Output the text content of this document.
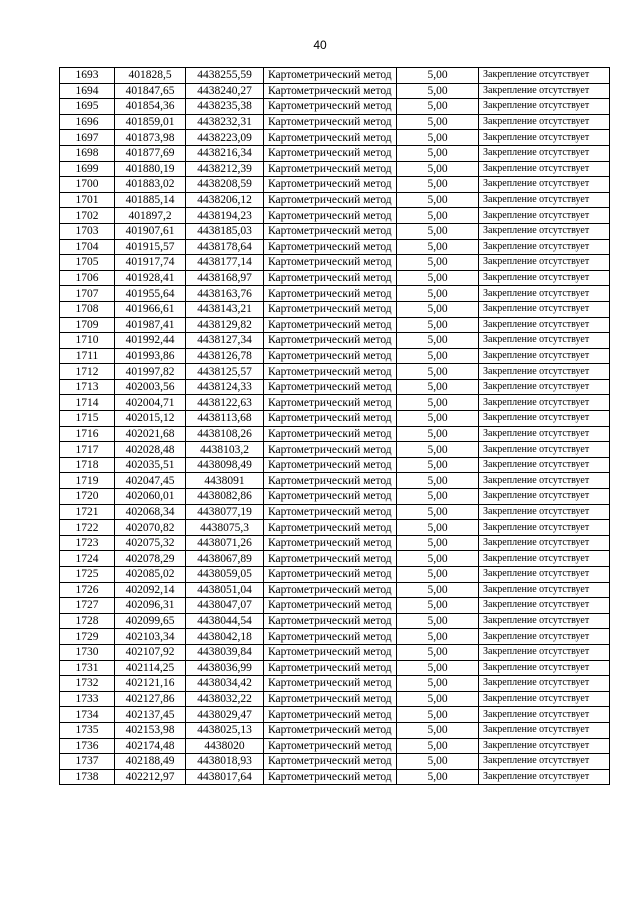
40
1693	401828,5	4438255,59	Картометрический метод	5,00	Закрепление отсутствует
1694	401847,65	4438240,27	Картометрический метод	5,00	Закрепление отсутствует
1695	401854,36	4438235,38	Картометрический метод	5,00	Закрепление отсутствует
1696	401859,01	4438232,31	Картометрический метод	5,00	Закрепление отсутствует
1697	401873,98	4438223,09	Картометрический метод	5,00	Закрепление отсутствует
1698	401877,69	4438216,34	Картометрический метод	5,00	Закрепление отсутствует
1699	401880,19	4438212,39	Картометрический метод	5,00	Закрепление отсутствует
1700	401883,02	4438208,59	Картометрический метод	5,00	Закрепление отсутствует
1701	401885,14	4438206,12	Картометрический метод	5,00	Закрепление отсутствует
1702	401897,2	4438194,23	Картометрический метод	5,00	Закрепление отсутствует
1703	401907,61	4438185,03	Картометрический метод	5,00	Закрепление отсутствует
1704	401915,57	4438178,64	Картометрический метод	5,00	Закрепление отсутствует
1705	401917,74	4438177,14	Картометрический метод	5,00	Закрепление отсутствует
1706	401928,41	4438168,97	Картометрический метод	5,00	Закрепление отсутствует
1707	401955,64	4438163,76	Картометрический метод	5,00	Закрепление отсутствует
1708	401966,61	4438143,21	Картометрический метод	5,00	Закрепление отсутствует
1709	401987,41	4438129,82	Картометрический метод	5,00	Закрепление отсутствует
1710	401992,44	4438127,34	Картометрический метод	5,00	Закрепление отсутствует
1711	401993,86	4438126,78	Картометрический метод	5,00	Закрепление отсутствует
1712	401997,82	4438125,57	Картометрический метод	5,00	Закрепление отсутствует
1713	402003,56	4438124,33	Картометрический метод	5,00	Закрепление отсутствует
1714	402004,71	4438122,63	Картометрический метод	5,00	Закрепление отсутствует
1715	402015,12	4438113,68	Картометрический метод	5,00	Закрепление отсутствует
1716	402021,68	4438108,26	Картометрический метод	5,00	Закрепление отсутствует
1717	402028,48	4438103,2	Картометрический метод	5,00	Закрепление отсутствует
1718	402035,51	4438098,49	Картометрический метод	5,00	Закрепление отсутствует
1719	402047,45	4438091	Картометрический метод	5,00	Закрепление отсутствует
1720	402060,01	4438082,86	Картометрический метод	5,00	Закрепление отсутствует
1721	402068,34	4438077,19	Картометрический метод	5,00	Закрепление отсутствует
1722	402070,82	4438075,3	Картометрический метод	5,00	Закрепление отсутствует
1723	402075,32	4438071,26	Картометрический метод	5,00	Закрепление отсутствует
1724	402078,29	4438067,89	Картометрический метод	5,00	Закрепление отсутствует
1725	402085,02	4438059,05	Картометрический метод	5,00	Закрепление отсутствует
1726	402092,14	4438051,04	Картометрический метод	5,00	Закрепление отсутствует
1727	402096,31	4438047,07	Картометрический метод	5,00	Закрепление отсутствует
1728	402099,65	4438044,54	Картометрический метод	5,00	Закрепление отсутствует
1729	402103,34	4438042,18	Картометрический метод	5,00	Закрепление отсутствует
1730	402107,92	4438039,84	Картометрический метод	5,00	Закрепление отсутствует
1731	402114,25	4438036,99	Картометрический метод	5,00	Закрепление отсутствует
1732	402121,16	4438034,42	Картометрический метод	5,00	Закрепление отсутствует
1733	402127,86	4438032,22	Картометрический метод	5,00	Закрепление отсутствует
1734	402137,45	4438029,47	Картометрический метод	5,00	Закрепление отсутствует
1735	402153,98	4438025,13	Картометрический метод	5,00	Закрепление отсутствует
1736	402174,48	4438020	Картометрический метод	5,00	Закрепление отсутствует
1737	402188,49	4438018,93	Картометрический метод	5,00	Закрепление отсутствует
1738	402212,97	4438017,64	Картометрический метод	5,00	Закрепление отсутствует
